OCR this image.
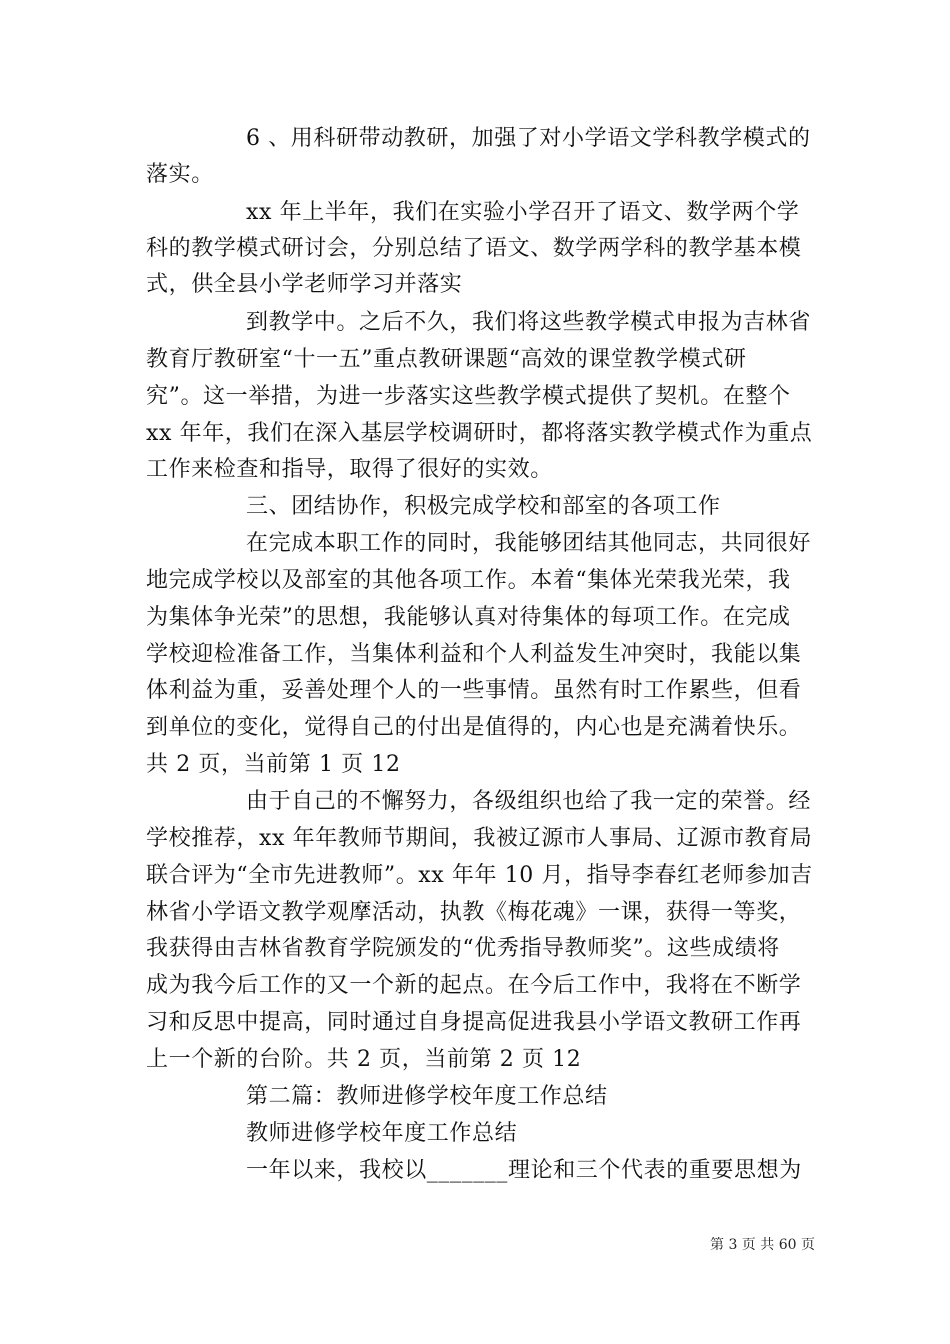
6 、用科研带动教研，加强了对小学语文学科教学模式的
落实。
xx 年上半年，我们在实验小学召开了语文、数学两个学
科的教学模式研讨会，分别总结了语文、数学两学科的教学基本模
式，供全县小学老师学习并落实
到教学中。之后不久，我们将这些教学模式申报为吉林省
教育厅教研室“十一五”重点教研课题“高效的课堂教学模式研
究”。这一举措，为进一步落实这些教学模式提供了契机。在整个
xx 年年，我们在深入基层学校调研时，都将落实教学模式作为重点
工作来检查和指导，取得了很好的实效。
三、团结协作，积极完成学校和部室的各项工作
在完成本职工作的同时，我能够团结其他同志，共同很好
地完成学校以及部室的其他各项工作。本着“集体光荣我光荣，我
为集体争光荣”的思想，我能够认真对待集体的每项工作。在完成
学校迎检准备工作，当集体利益和个人利益发生冲突时，我能以集
体利益为重，妥善处理个人的一些事情。虽然有时工作累些，但看
到单位的变化，觉得自己的付出是值得的，内心也是充满着快乐。
共 2 页，当前第 1 页 12
由于自己的不懈努力，各级组织也给了我一定的荣誉。经
学校推荐，xx 年年教师节期间，我被辽源市人事局、辽源市教育局
联合评为“全市先进教师”。xx 年年 10 月，指导李春红老师参加吉
林省小学语文教学观摩活动，执教《梅花魂》一课，获得一等奖，
我获得由吉林省教育学院颁发的“优秀指导教师奖”。这些成绩将
成为我今后工作的又一个新的起点。在今后工作中，我将在不断学
习和反思中提高，同时通过自身提高促进我县小学语文教研工作再
上一个新的台阶。共 2 页，当前第 2 页 12
第二篇：教师进修学校年度工作总结
教师进修学校年度工作总结
一年以来，我校以_______理论和三个代表的重要思想为
第 3 页 共 60 页
